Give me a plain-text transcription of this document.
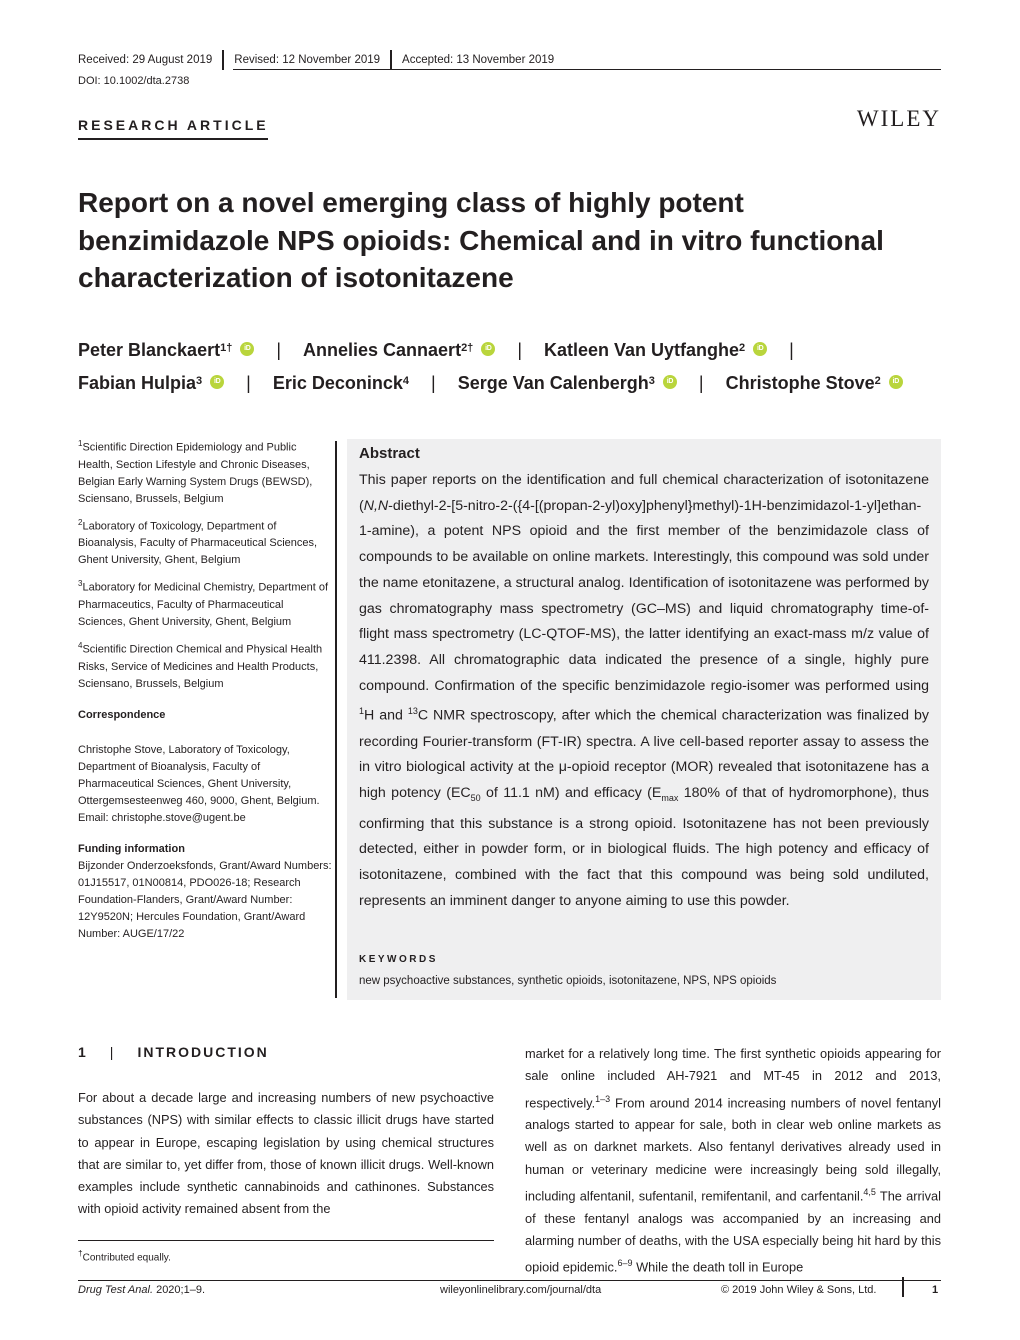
Received: 29 August 2019	Revised: 12 November 2019	Accepted: 13 November 2019
DOI: 10.1002/dta.2738
RESEARCH ARTICLE	WILEY
Report on a novel emerging class of highly potent benzimidazole NPS opioids: Chemical and in vitro functional characterization of isotonitazene
Peter Blanckaert$^{1\dagger}$ iD | Annelies Cannaert$^{2\dagger}$ iD | Katleen Van Uytfanghe$^2$ iD |
Fabian Hulpia$^3$ iD | Eric Deconinck$^4$ | Serge Van Calenbergh$^3$ iD | Christophe Stove$^2$ iD

$^1$Scientific Direction Epidemiology and Public Health, Section Lifestyle and Chronic Diseases, Belgian Early Warning System Drugs (BEWSD), Sciensano, Brussels, Belgium

$^2$Laboratory of Toxicology, Department of Bioanalysis, Faculty of Pharmaceutical Sciences, Ghent University, Ghent, Belgium

$^3$Laboratory for Medicinal Chemistry, Department of Pharmaceutics, Faculty of Pharmaceutical Sciences, Ghent University, Ghent, Belgium

$^4$Scientific Direction Chemical and Physical Health Risks, Service of Medicines and Health Products, Sciensano, Brussels, Belgium

Correspondence

Christophe Stove, Laboratory of Toxicology, Department of Bioanalysis, Faculty of Pharmaceutical Sciences, Ghent University, Ottergemsesteenweg 460, 9000, Ghent, Belgium.

Email: christophe.stove@ugent.be

Funding information

Bijzonder Onderzoeksfonds, Grant/Award Numbers: 01J15517, 01N00814, PDO026-18; Research Foundation-Flanders, Grant/Award Number: 12Y9520N; Hercules Foundation, Grant/Award Number: AUGE/17/22

Abstract
This paper reports on the identification and full chemical characterization of isotonitazene (N,N-diethyl-2-[5-nitro-2-({4-[(propan-2-yl)oxy]phenyl}methyl)-1H-benzimidazol-1-yl]ethan-1-amine), a potent NPS opioid and the first member of the benzimidazole class of compounds to be available on online markets. Interestingly, this compound was sold under the name etonitazene, a structural analog. Identification of isotonitazene was performed by gas chromatography mass spectrometry (GC–MS) and liquid chromatography time-of-flight mass spectrometry (LC-QTOF-MS), the latter identifying an exact-mass m/z value of 411.2398. All chromatographic data indicated the presence of a single, highly pure compound. Confirmation of the specific benzimidazole regio-isomer was performed using $^1$H and $^{13}$C NMR spectroscopy, after which the chemical characterization was finalized by recording Fourier-transform (FT-IR) spectra. A live cell-based reporter assay to assess the in vitro biological activity at the μ-opioid receptor (MOR) revealed that isotonitazene has a high potency ($EC_{50}$ of 11.1 nM) and efficacy ($E_{max}$ 180% of that of hydromorphone), thus confirming that this substance is a strong opioid. Isotonitazene has not been previously detected, either in powder form, or in biological fluids. The high potency and efficacy of isotonitazene, combined with the fact that this compound was being sold undiluted, represents an imminent danger to anyone aiming to use this powder.
KEYWORDS
new psychoactive substances, synthetic opioids, isotonitazene, NPS, NPS opioids
1 | INTRODUCTION
For about a decade large and increasing numbers of new psychoactive substances (NPS) with similar effects to classic illicit drugs have started to appear in Europe, escaping legislation by using chemical structures that are similar to, yet differ from, those of known illicit drugs. Well-known examples include synthetic cannabinoids and cathinones. Substances with opioid activity remained absent from the
market for a relatively long time. The first synthetic opioids appearing for sale online included AH-7921 and MT-45 in 2012 and 2013, respectively.$^{1-3}$ From around 2014 increasing numbers of novel fentanyl analogs started to appear for sale, both in clear web online markets as well as on darknet markets. Also fentanyl derivatives already used in human or veterinary medicine were increasingly being sold illegally, including alfentanil, sufentanil, remifentanil, and carfentanil.$^{4,5}$ The arrival of these fentanyl analogs was accompanied by an increasing and alarming number of deaths, with the USA especially being hit hard by this opioid epidemic.$^{6-9}$ While the death toll in Europe
†Contributed equally.
Drug Test Anal. 2020;1–9.	wileyonlinelibrary.com/journal/dta	© 2019 John Wiley & Sons, Ltd.	1
